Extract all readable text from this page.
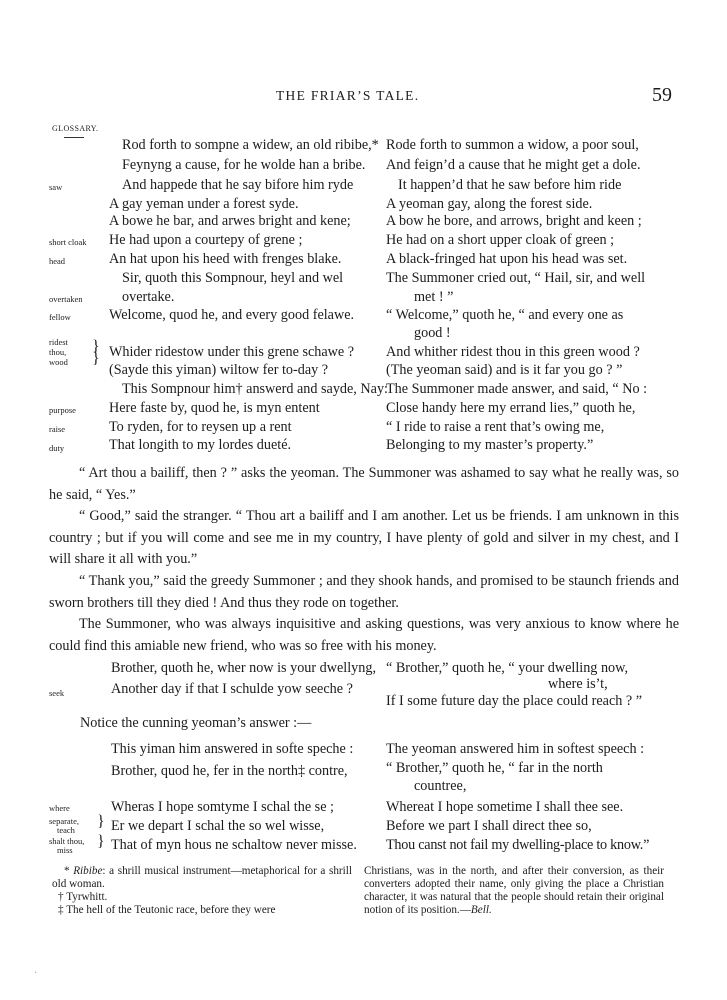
THE FRIAR’S TALE.	59
GLOSSARY.
saw
short cloak
head
overtaken
fellow
ridest
thou,
wood
}
}
purpose
raise
duty
seek
where
separate,
teach
shalt thou,
miss
}
}
Rod forth to sompne a widew, an old ribibe,*
Feynyng a cause, for he wolde han a bribe.
And happede that he say bifore him ryde
A gay yeman under a forest syde.
A bowe he bar, and arwes bright and kene;
He had upon a courtepy of grene ;
An hat upon his heed with frenges blake.
Sir, quoth this Sompnour, heyl and wel
overtake.
Welcome, quod he, and every good felawe.
Whider ridestow under this grene schawe ?
(Sayde this yiman) wiltow fer to-day ?
This Sompnour him† answerd and sayde, Nay:
Here faste by, quod he, is myn entent
To ryden, for to reysen up a rent
That longith to my lordes dueté.
Rode forth to summon a widow, a poor soul,
And feign’d a cause that he might get a dole.
It happen’d that he saw before him ride
A yeoman gay, along the forest side.
A bow he bore, and arrows, bright and keen ;
He had on a short upper cloak of green ;
A black-fringed hat upon his head was set.
The Summoner cried out, “ Hail, sir, and well
met ! ”
“ Welcome,” quoth he, “ and every one as
good !
And whither ridest thou in this green wood ?
(The yeoman said) and is it far you go ? ”
The Summoner made answer, and said, “ No :
Close handy here my errand lies,” quoth he,
“ I ride to raise a rent that’s owing me,
Belonging to my master’s property.”
“ Art thou a bailiff, then ? ” asks the yeoman. The Summoner was ashamed to say what he really was, so he said, “ Yes.”
“ Good,” said the stranger. “ Thou art a bailiff and I am another. Let us be friends. I am unknown in this country ; but if you will come and see me in my country, I have plenty of gold and silver in my chest, and I will share it all with you.”
“ Thank you,” said the greedy Summoner ; and they shook hands, and promised to be staunch friends and sworn brothers till they died ! And thus they rode on together.
The Summoner, who was always inquisitive and asking questions, was very anxious to know where he could find this amiable new friend, who was so free with his money.
Brother, quoth he, wher now is your dwellyng,
Another day if that I schulde yow seeche ?
“ Brother,” quoth he, “ your dwelling now,
where is’t,
If I some future day the place could reach ? ”
Notice the cunning yeoman’s answer :—
This yiman him answered in softe speche :
Brother, quod he, fer in the north‡ contre,
Wheras I hope somtyme I schal the se ;
Er we depart I schal the so wel wisse,
That of myn hous ne schaltow never misse.
The yeoman answered him in softest speech :
“ Brother,” quoth he, “ far in the north
countree,
Whereat I hope sometime I shall thee see.
Before we part I shall direct thee so,
Thou canst not fail my dwelling-place to know.”
* Ribibe: a shrill musical instrument—metaphorical for a shrill old woman.
† Tyrwhitt.
‡ The hell of the Teutonic race, before they were
Christians, was in the north, and after their conversion, as their converters adopted their name, only giving the place a Christian character, it was natural that the people should retain their original notion of its position.—Bell.
·
